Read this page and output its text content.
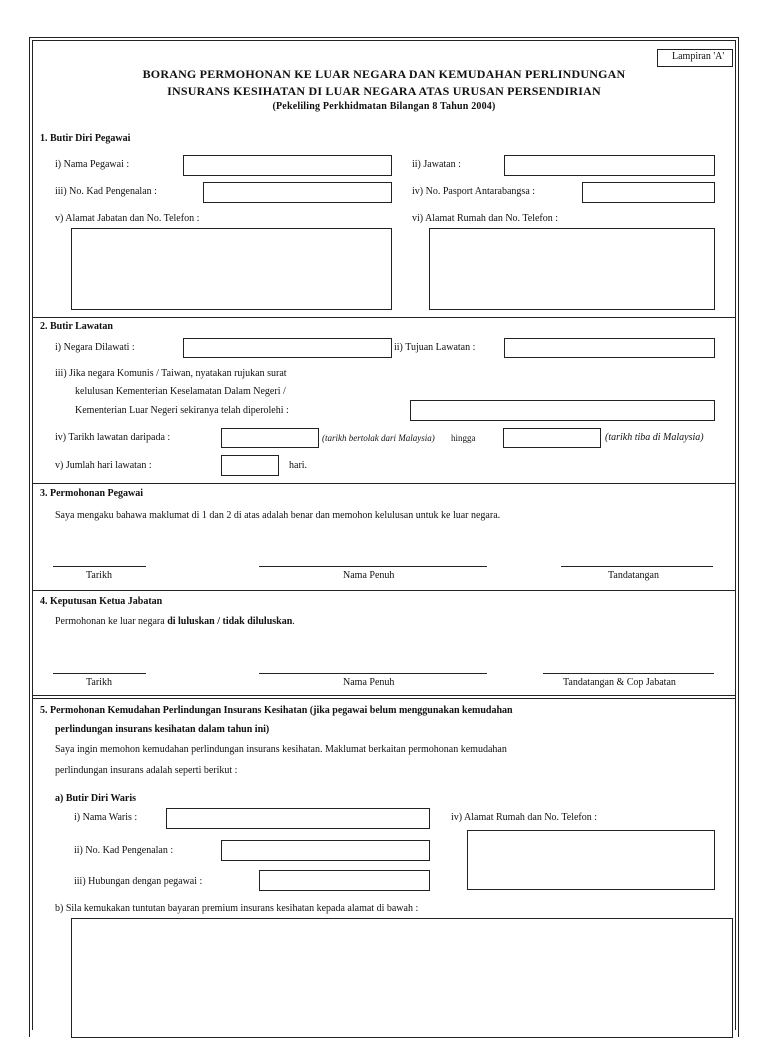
Lampiran 'A'
BORANG PERMOHONAN KE LUAR NEGARA DAN KEMUDAHAN PERLINDUNGAN
INSURANS KESIHATAN DI LUAR NEGARA ATAS URUSAN PERSENDIRIAN
(Pekeliling Perkhidmatan Bilangan 8 Tahun 2004)
1. Butir Diri Pegawai
i) Nama Pegawai :	ii) Jawatan :
iii) No. Kad Pengenalan :	iv) No. Pasport Antarabangsa :
v) Alamat Jabatan dan No. Telefon :	vi) Alamat Rumah dan No. Telefon :
2. Butir Lawatan
i) Negara Dilawati :	ii) Tujuan Lawatan :
iii) Jika negara Komunis / Taiwan, nyatakan rujukan surat
kelulusan Kementerian Keselamatan Dalam Negeri /
Kementerian Luar Negeri sekiranya telah diperolehi :
iv) Tarikh lawatan daripada :	(tarikh bertolak dari Malaysia) hingga	(tarikh tiba di Malaysia)
v) Jumlah hari lawatan :	hari.
3. Permohonan Pegawai
Saya mengaku bahawa maklumat di 1 dan 2 di atas adalah benar dan memohon kelulusan untuk ke luar negara.
Tarikh	Nama Penuh	Tandatangan
4. Keputusan Ketua Jabatan
Permohonan ke luar negara di luluskan / tidak diluluskan.
Tarikh	Nama Penuh	Tandatangan & Cop Jabatan
5. Permohonan Kemudahan Perlindungan Insurans Kesihatan (jika pegawai belum menggunakan kemudahan
perlindungan insurans kesihatan dalam tahun ini)
Saya ingin memohon kemudahan perlindungan insurans kesihatan. Maklumat berkaitan permohonan kemudahan
perlindungan insurans adalah seperti berikut :
a) Butir Diri Waris
i) Nama Waris :	iv) Alamat Rumah dan No. Telefon :
ii) No. Kad Pengenalan :
iii) Hubungan dengan pegawai :
b) Sila kemukakan tuntutan bayaran premium insurans kesihatan kepada alamat di bawah :
